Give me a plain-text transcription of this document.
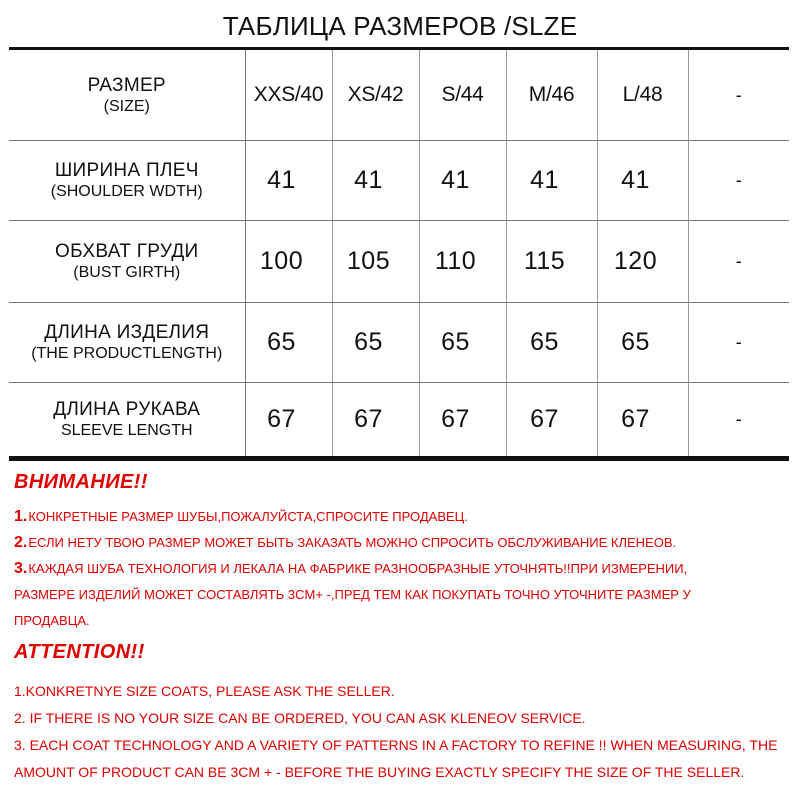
ТАБЛИЦА РАЗМЕРОВ /SLZE
РАЗМЕР
(SIZE)	XXS/40	XS/42	S/44	M/46	L/48	-

ШИРИНА ПЛЕЧ
(SHOULDER WDTH)	41	41	41	41	41	-

ОБХВАТ ГРУДИ
(BUST GIRTH)	100	105	110	115	120	-

ДЛИНА ИЗДЕЛИЯ
(THE PRODUCTLENGTH)	65	65	65	65	65	-

ДЛИНА РУКАВА
SLEEVE LENGTH	67	67	67	67	67	-

ВНИМАНИЕ!!

1.КОНКРЕТНЫЕ РАЗМЕР ШУБЫ,ПОЖАЛУЙСТА,СПРОСИТЕ ПРОДАВЕЦ.

2.ЕСЛИ НЕТУ ТВОЮ РАЗМЕР МОЖЕТ БЫТЬ ЗАКАЗАТЬ МОЖНО СПРОСИТЬ ОБСЛУЖИВАНИЕ КЛЕНЕОВ.

3.КАЖДАЯ ШУБА ТЕХНОЛОГИЯ И ЛЕКАЛА НА ФАБРИКЕ РАЗНООБРАЗНЫЕ УТОЧНЯТЬ!!ПРИ ИЗМЕРЕНИИ,
РАЗМЕРЕ ИЗДЕЛИЙ МОЖЕТ СОСТАВЛЯТЬ 3CM+ -,ПРЕД ТЕМ КАК ПОКУПАТЬ ТОЧНО УТОЧНИТЕ РАЗМЕР У
ПРОДАВЦА.

ATTENTION!!

1.KONKRETNYE SIZE COATS, PLEASE ASK THE SELLER.

2. IF THERE IS NO YOUR SIZE CAN BE ORDERED, YOU CAN ASK KLENEOV SERVICE.

3. EACH COAT TECHNOLOGY AND A VARIETY OF PATTERNS IN A FACTORY TO REFINE !! WHEN MEASURING, THE

AMOUNT OF PRODUCT CAN BE 3CM + - BEFORE THE BUYING EXACTLY SPECIFY THE SIZE OF THE SELLER.
